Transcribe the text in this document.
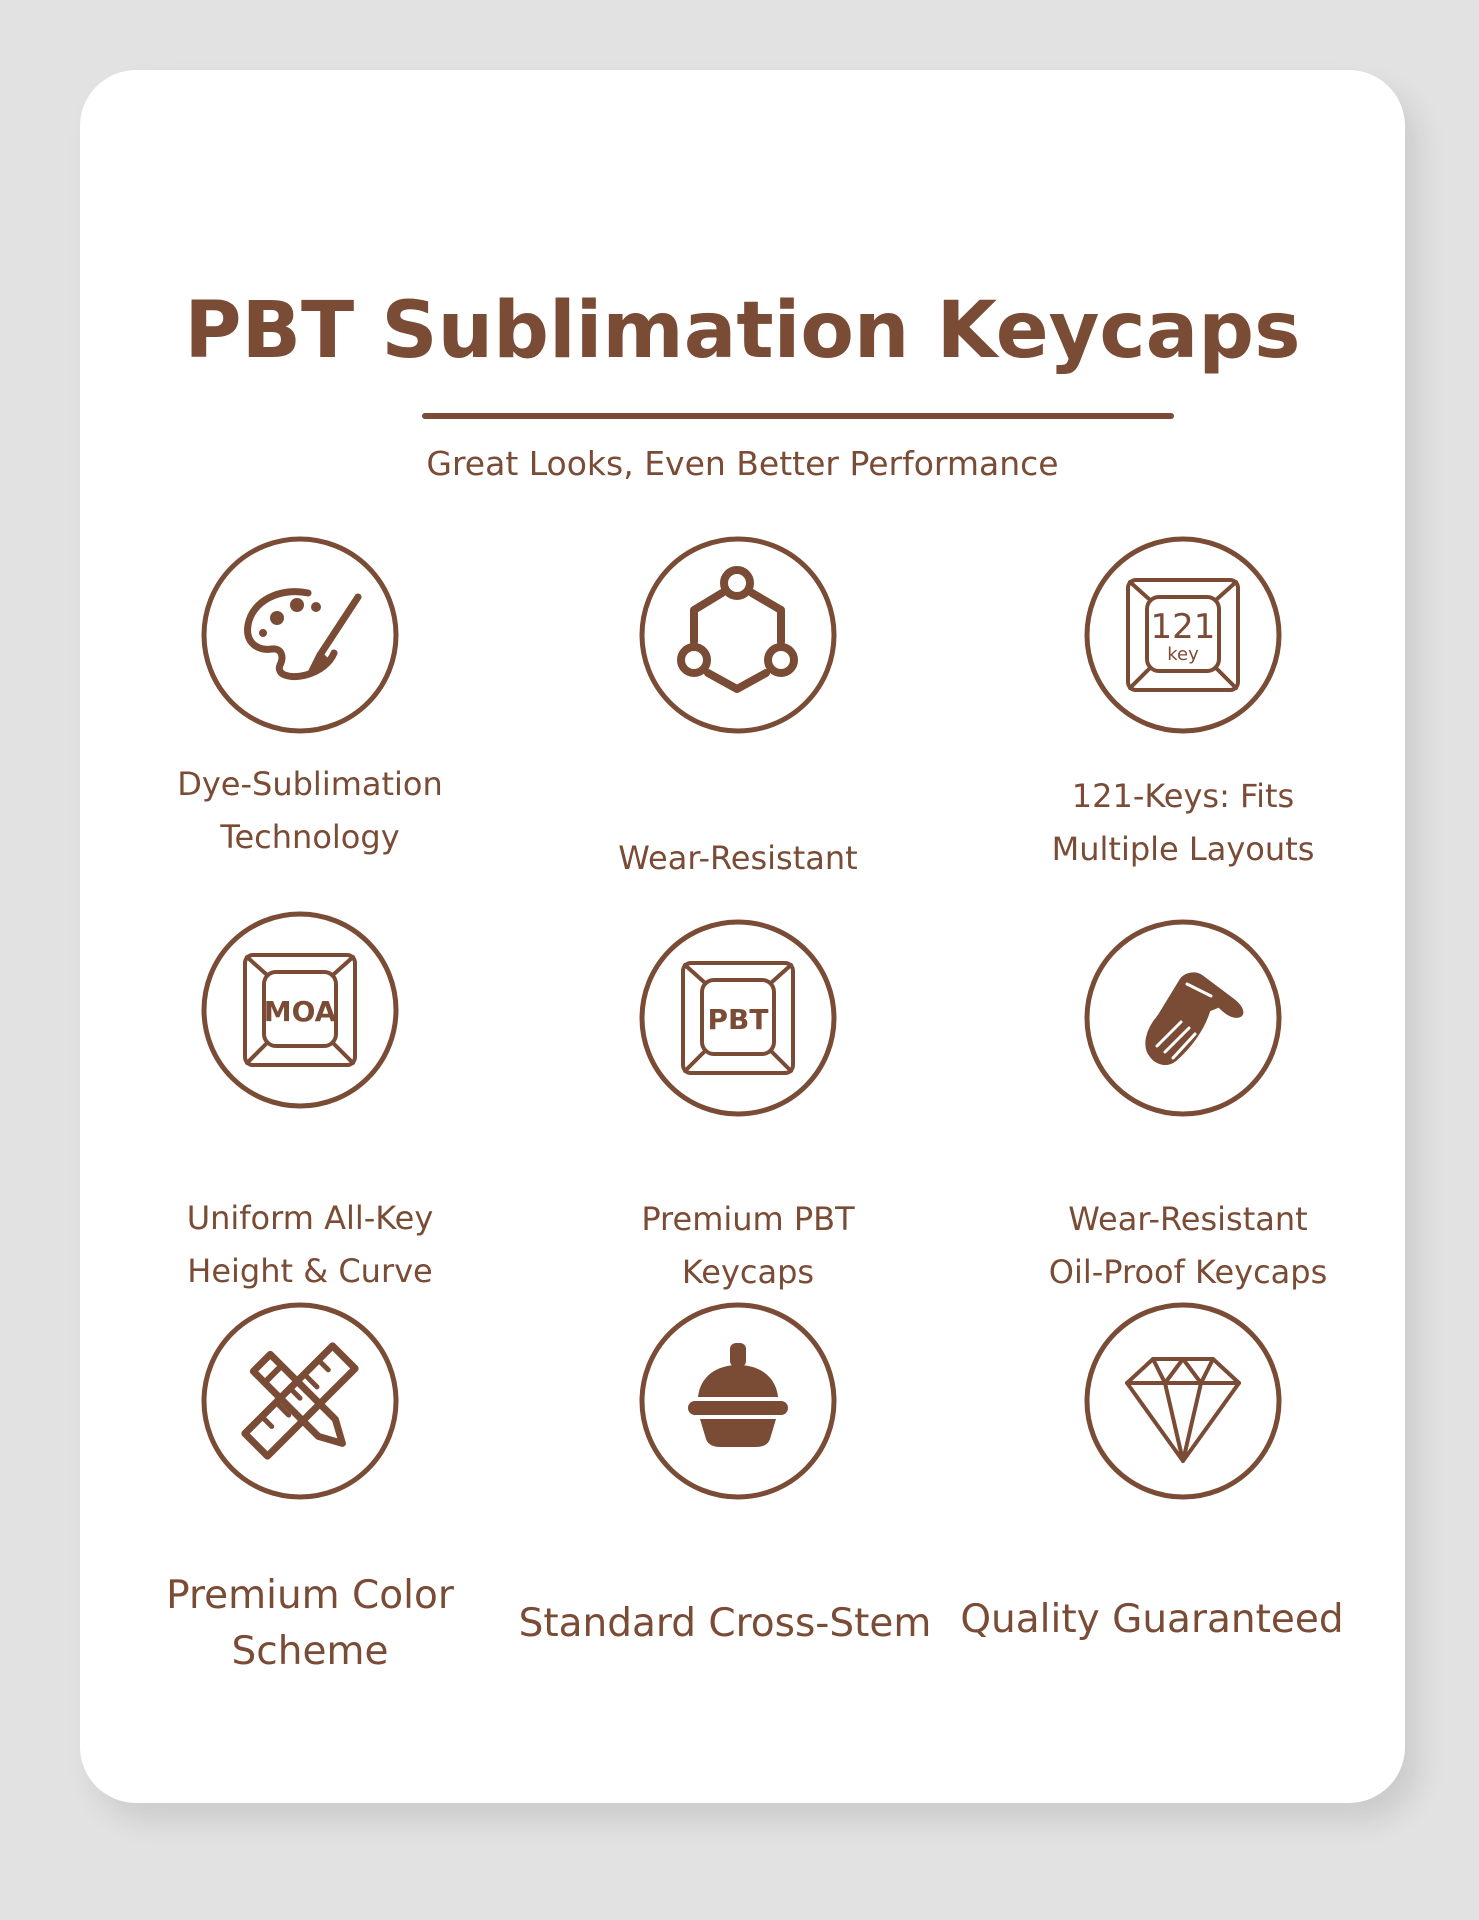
PBT Sublimation Keycaps
Great Looks, Even Better Performance
Dye-Sublimation
Technology
Wear-Resistant
121
key
121-Keys: Fits
Multiple Layouts
MOA
Uniform All-Key
Height & Curve
PBT
Premium PBT
Keycaps
Wear-Resistant
Oil-Proof Keycaps
Premium Color
Scheme
Standard Cross-Stem Quality Guaranteed
